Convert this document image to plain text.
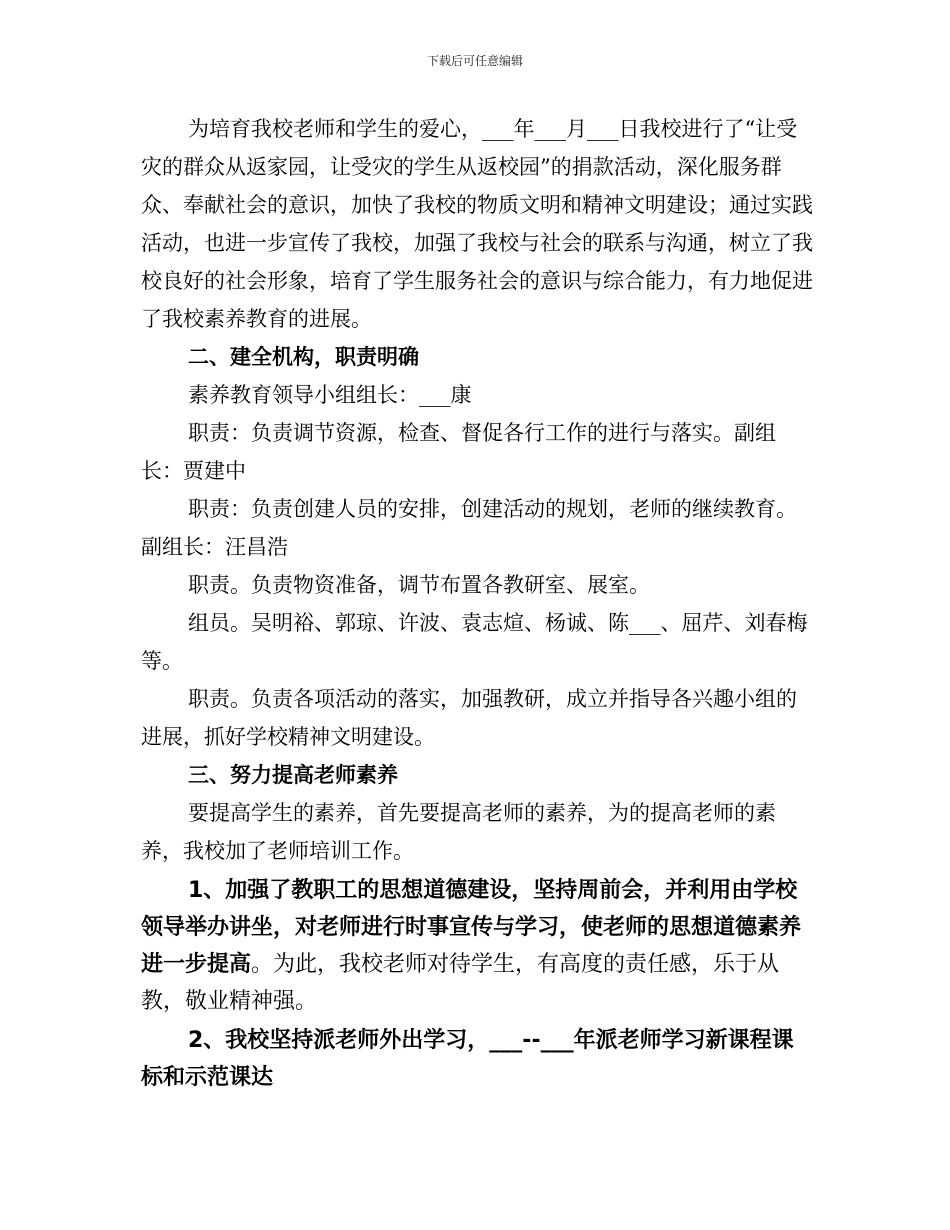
下载后可任意编辑

为培育我校老师和学生的爱心，___年___月___日我校进行了“让受灾的群众从返家园，让受灾的学生从返校园”的捐款活动，深化服务群众、奉献社会的意识，加快了我校的物质文明和精神文明建设；通过实践活动，也进一步宣传了我校，加强了我校与社会的联系与沟通，树立了我校良好的社会形象，培育了学生服务社会的意识与综合能力，有力地促进了我校素养教育的进展。

二、建全机构，职责明确

素养教育领导小组组长：___康

职责：负责调节资源，检查、督促各行工作的进行与落实。副组长：贾建中

职责：负责创建人员的安排，创建活动的规划，老师的继续教育。副组长：汪昌浩

职责。负责物资准备，调节布置各教研室、展室。

组员。吴明裕、郭琼、许波、袁志煊、杨诚、陈___、屈芹、刘春梅等。

职责。负责各项活动的落实，加强教研，成立并指导各兴趣小组的进展，抓好学校精神文明建设。

三、努力提高老师素养

要提高学生的素养，首先要提高老师的素养，为的提高老师的素养，我校加了老师培训工作。

1、加强了教职工的思想道德建设，坚持周前会，并利用由学校领导举办讲坐，对老师进行时事宣传与学习，使老师的思想道德素养进一步提高。为此，我校老师对待学生，有高度的责任感，乐于从教，敬业精神强。

2、我校坚持派老师外出学习，___--___年派老师学习新课程课标和示范课达
